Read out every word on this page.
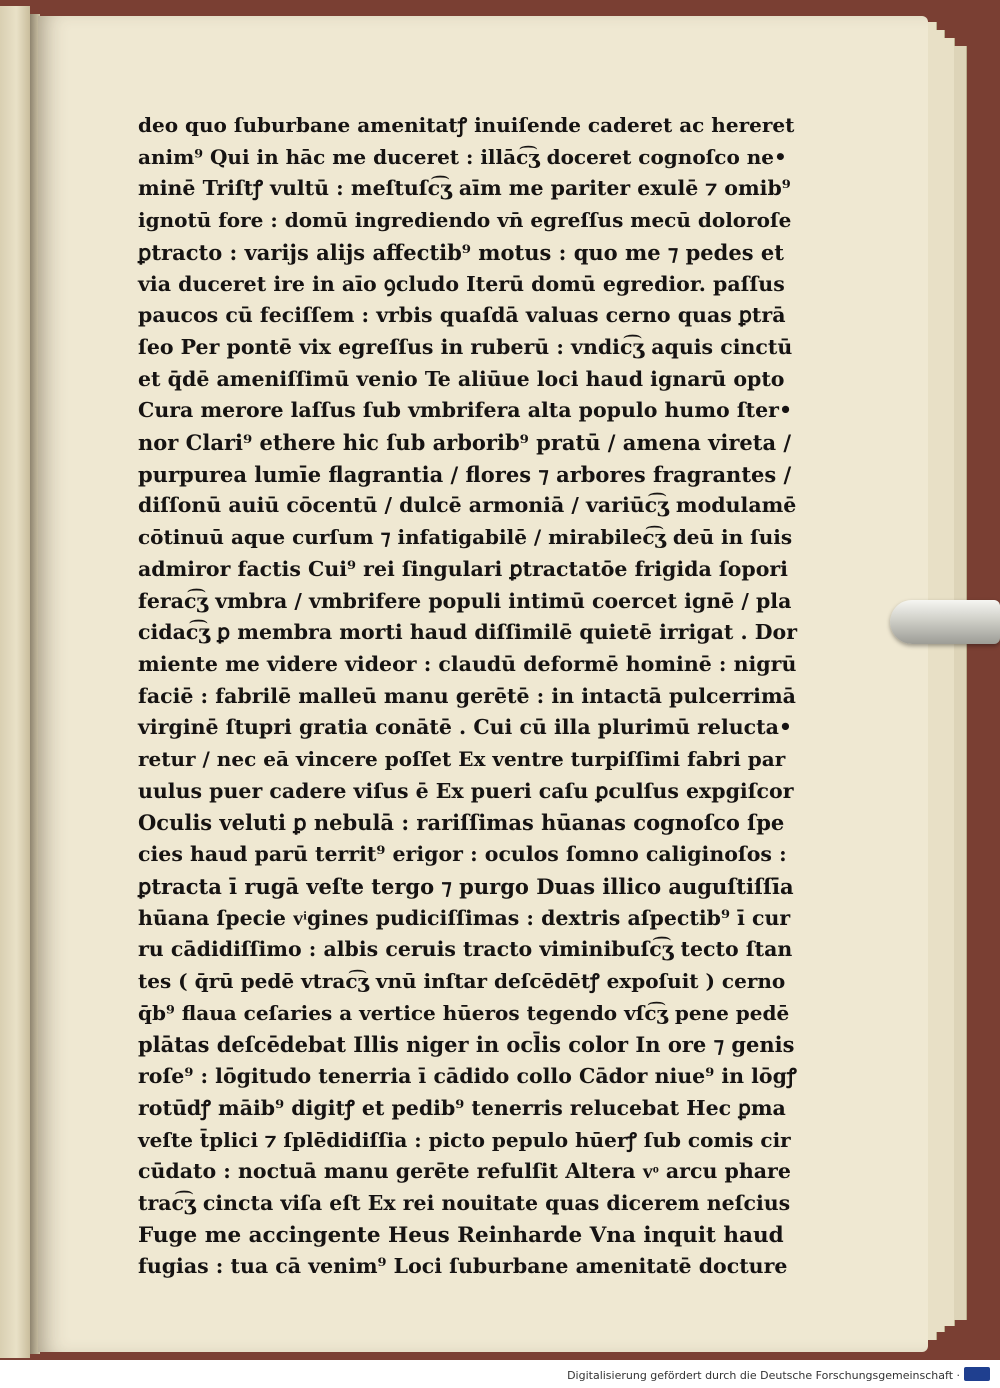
deo quo ſuburbane amenitatꝭ inuiſende caderet ac hereret
anim⁹ Qui in hāc me duceret : illāc͡ʒ doceret cognoſco ne•
minē Triſtꝭ vultū : meſtuſc͡ʒ aīm me pariter exulē ⁊ omib⁹
ignotū fore : domū ingrediendo vn̄ egreſſus mecū doloroſe
ꝑtracto : varijs alijs affectib⁹ motus : quo me ⁊ pedes et
via duceret ire in aīo ꝯcludo Iterū domū egredior. paſſus
paucos cū feciſſem : vrbis quaſdā valuas cerno quas ꝑtrā
ſeo Per pontē vix egreſſus in ruberū : vndic͡ʒ aquis cinctū
et q̄dē ameniſſimū venio Te aliūue loci haud ignarū opto
Cura merore laſſus ſub vmbrifera alta populo humo ſter•
nor Clari⁹ ethere hic ſub arborib⁹ pratū / amena vireta /
purpurea lumīe flagrantia / flores ⁊ arbores fragrantes /
diſſonū auiū cōcentū / dulcē armoniā / variūc͡ʒ modulamē
cōtinuū aque curſum ⁊ infatigabilē / mirabilec͡ʒ deū in ſuis
admiror factis Cui⁹ rei ſingulari ꝑtractatōe frigida ſopori
ferac͡ʒ vmbra / vmbrifere populi intimū coercet ignē / pla
cidac͡ʒ ꝑ membra morti haud diſſimilē quietē irrigat . Dor
miente me videre videor : claudū deformē hominē : nigrū
faciē : fabrilē malleū manu gerētē : in intactā pulcerrimā
virginē ſtupri gratia conātē . Cui cū illa plurimū relucta•
retur / nec eā vincere poſſet Ex ventre turpiſſimi fabri par
uulus puer cadere viſus ē Ex pueri caſu ꝑculſus expgiſcor
Oculis veluti ꝑ nebulā : rariſſimas hūanas cognoſco ſpe
cies haud parū territ⁹ erigor : oculos ſomno caliginoſos :
ꝑtracta ī rugā veſte tergo ⁊ purgo Duas illico auguſtiſſīa
hūana ſpecie vͥgines pudiciſſimas : dextris aſpectib⁹ ī cur
ru cādidiſſimo : albis ceruis tracto viminibuſc͡ʒ tecto ſtan
tes ( q̄rū pedē vtrac͡ʒ vnū inſtar deſcēdētꝭ expoſuit ) cerno
q̄b⁹ flaua ceſaries a vertice hūeros tegendo vſc͡ʒ pene pedē
plātas deſcēdebat Illis niger in ocl̄is color In ore ⁊ genis
roſe⁹ : lōgitudo tenerria ī cādido collo Cādor niue⁹ in lōgꝭ
rotūdꝭ māib⁹ digitꝭ et pedib⁹ tenerris relucebat Hec ꝑma
veſte t̄plici ⁊ ſplēdidiſſia : picto pepulo hūerꝭ ſub comis cir
cūdato : noctuā manu gerēte refulſit Altera vͦ arcu phare
trac͡ʒ cincta viſa eſt Ex rei nouitate quas dicerem neſcius
Fuge me accingente Heus Reinharde Vna inquit haud
fugias : tua cā venim⁹ Loci ſuburbane amenitatē docture
Digitalisierung gefördert durch die Deutsche Forschungsgemeinschaft ·
